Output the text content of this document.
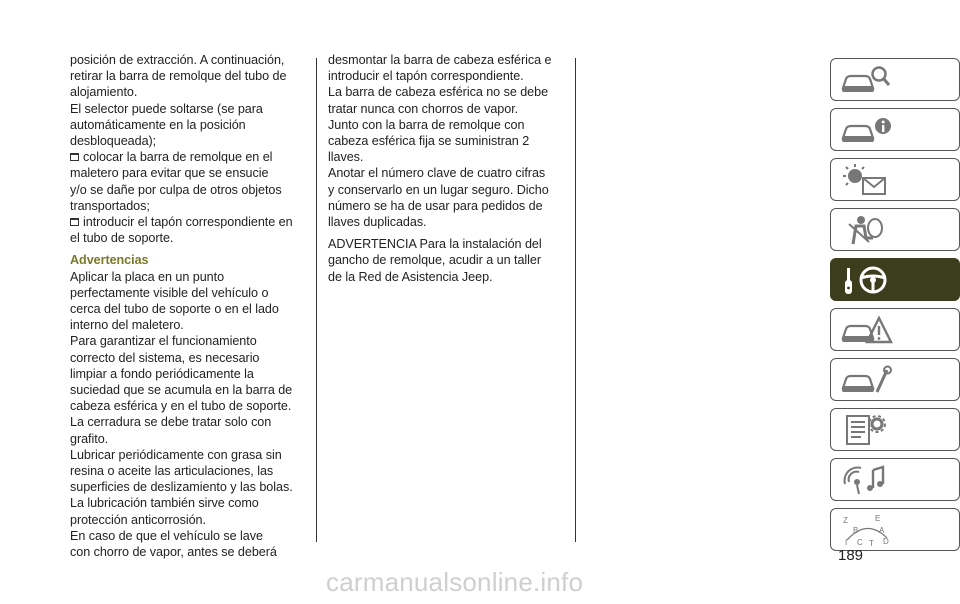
posición de extracción. A continuación,
retirar la barra de remolque del tubo de
alojamiento.
El selector puede soltarse (se para
automáticamente en la posición
desbloqueada);
colocar la barra de remolque en el
maletero para evitar que se ensucie
y/o se dañe por culpa de otros objetos
transportados;
introducir el tapón correspondiente en
el tubo de soporte.
Advertencias
Aplicar la placa en un punto
perfectamente visible del vehículo o
cerca del tubo de soporte o en el lado
interno del maletero.
Para garantizar el funcionamiento
correcto del sistema, es necesario
limpiar a fondo periódicamente la
suciedad que se acumula en la barra de
cabeza esférica y en el tubo de soporte.
La cerradura se debe tratar solo con
grafito.
Lubricar periódicamente con grasa sin
resina o aceite las articulaciones, las
superficies de deslizamiento y las bolas.
La lubricación también sirve como
protección anticorrosión.
En caso de que el vehículo se lave
con chorro de vapor, antes se deberá
desmontar la barra de cabeza esférica e
introducir el tapón correspondiente.
La barra de cabeza esférica no se debe
tratar nunca con chorros de vapor.
Junto con la barra de remolque con
cabeza esférica fija se suministran 2
llaves.
Anotar el número clave de cuatro cifras
y conservarlo en un lugar seguro. Dicho
número se ha de usar para pedidos de
llaves duplicadas.
ADVERTENCIA Para la instalación del
gancho de remolque, acudir a un taller
de la Red de Asistencia Jeep.
Z	E
B	A
I C T D
189
carmanualsonline.info
